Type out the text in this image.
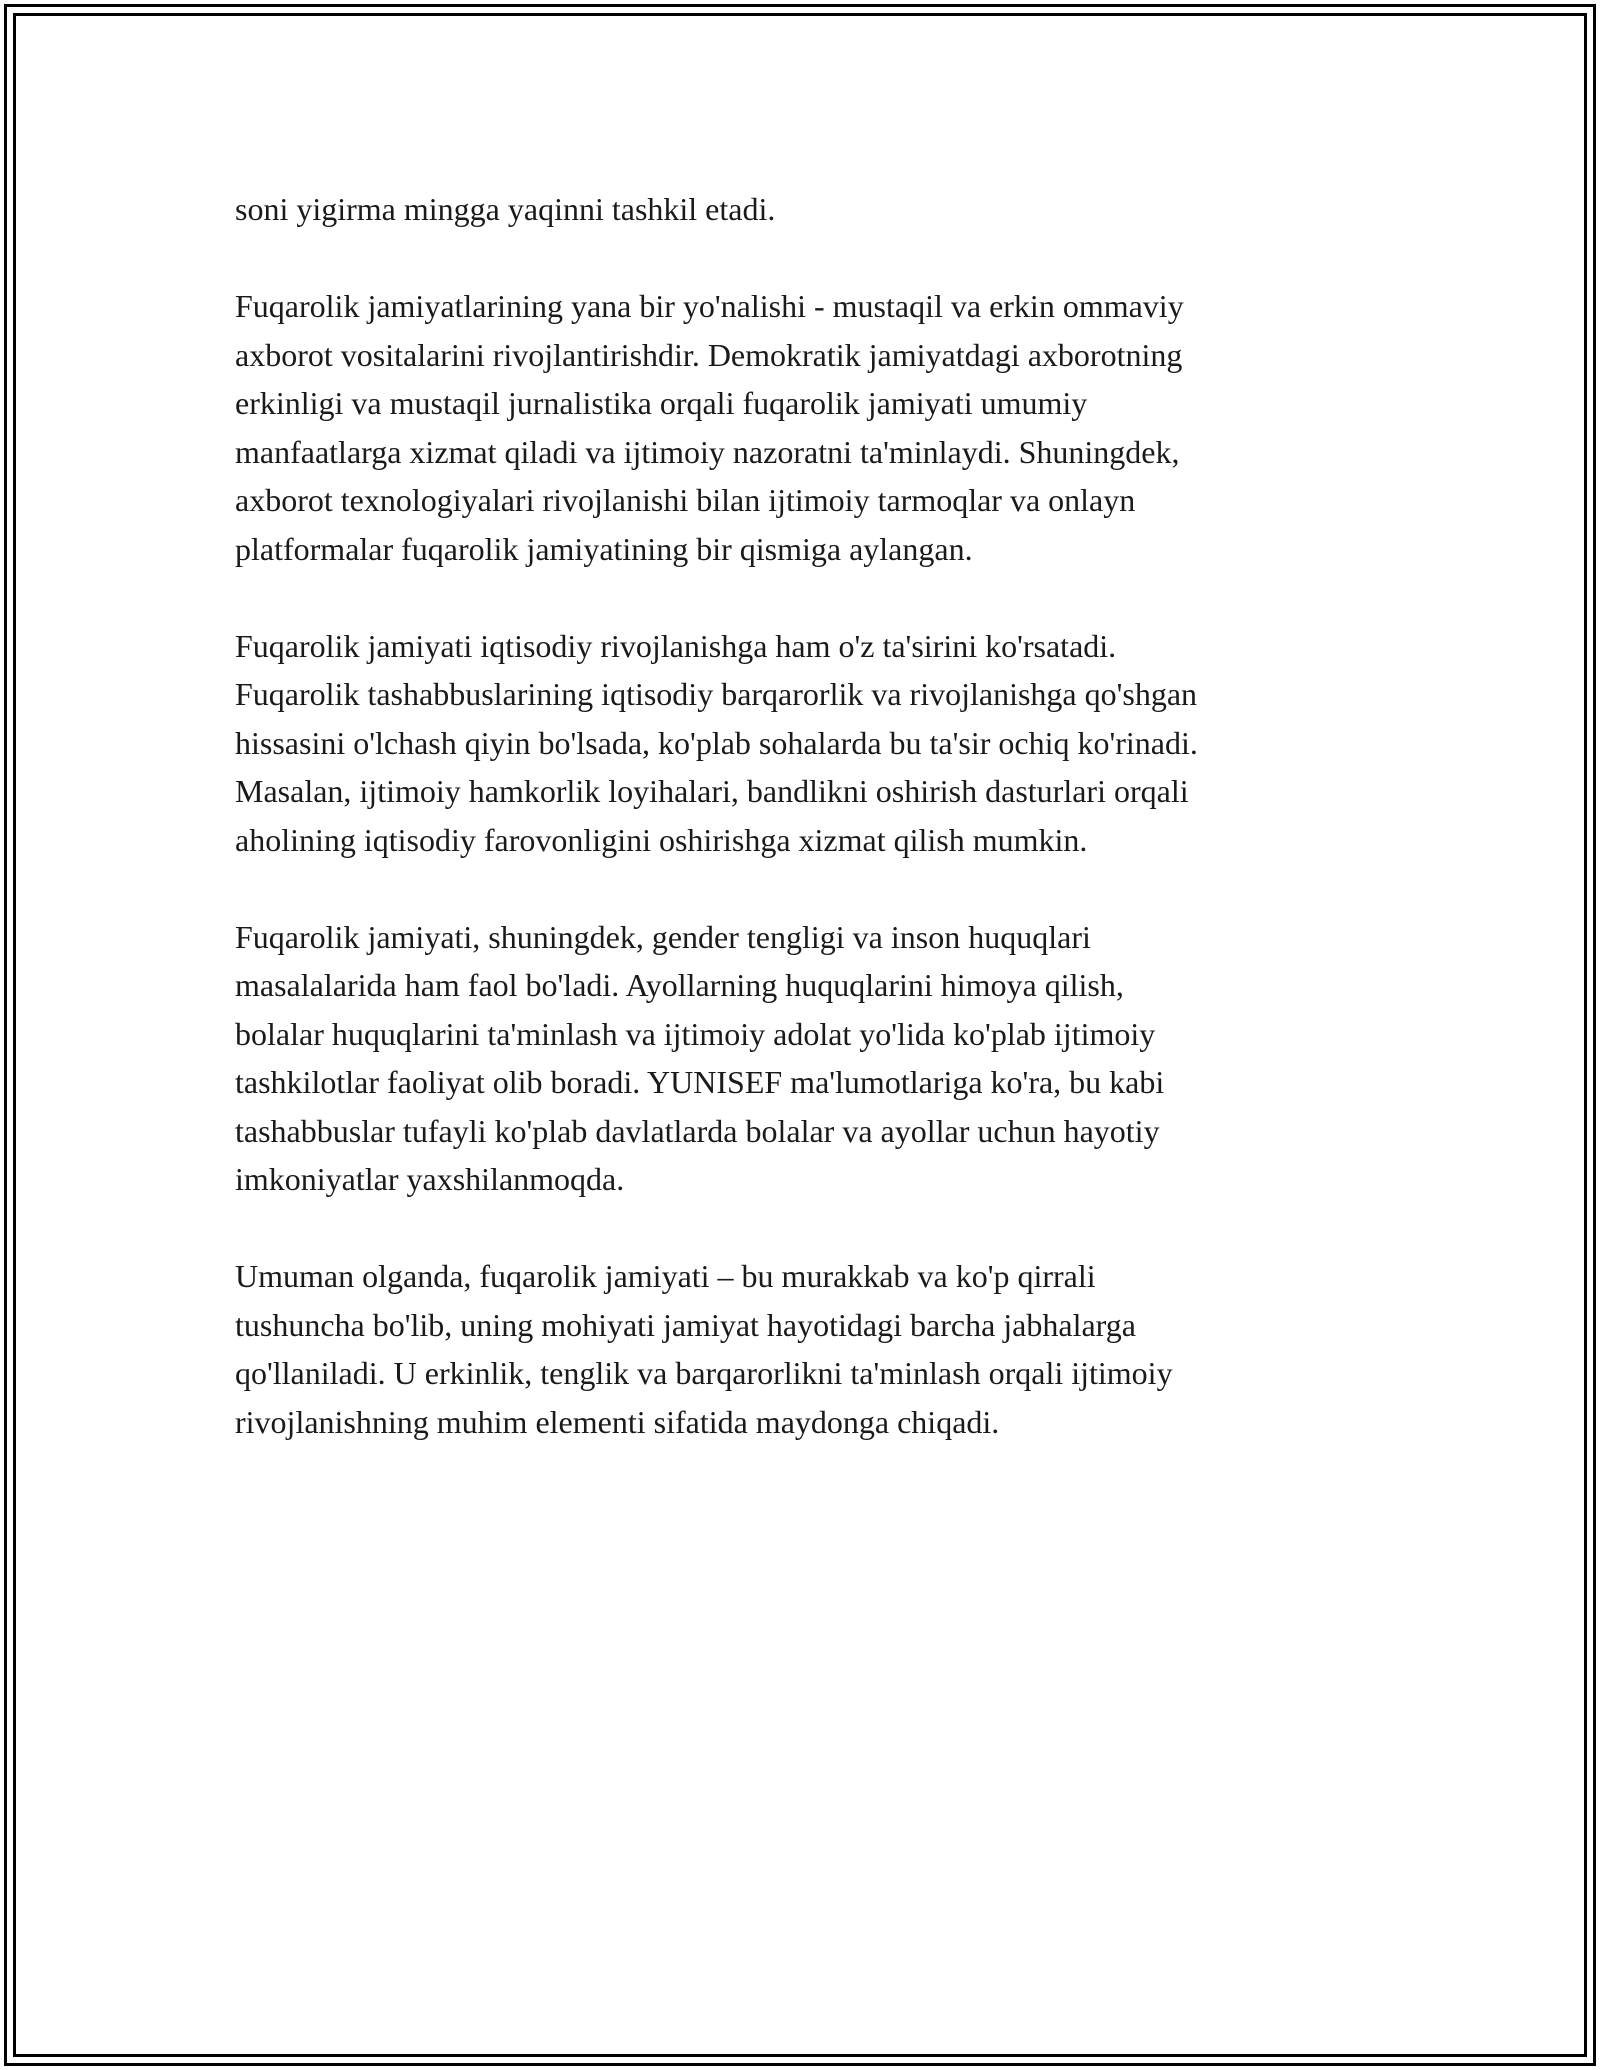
soni yigirma mingga yaqinni tashkil etadi.

Fuqarolik jamiyatlarining yana bir yo'nalishi - mustaqil va erkin ommaviy
axborot vositalarini rivojlantirishdir. Demokratik jamiyatdagi axborotning
erkinligi va mustaqil jurnalistika orqali fuqarolik jamiyati umumiy
manfaatlarga xizmat qiladi va ijtimoiy nazoratni ta'minlaydi. Shuningdek,
axborot texnologiyalari rivojlanishi bilan ijtimoiy tarmoqlar va onlayn
platformalar fuqarolik jamiyatining bir qismiga aylangan.

Fuqarolik jamiyati iqtisodiy rivojlanishga ham o'z ta'sirini ko'rsatadi.
Fuqarolik tashabbuslarining iqtisodiy barqarorlik va rivojlanishga qo'shgan
hissasini o'lchash qiyin bo'lsada, ko'plab sohalarda bu ta'sir ochiq ko'rinadi.
Masalan, ijtimoiy hamkorlik loyihalari, bandlikni oshirish dasturlari orqali
aholining iqtisodiy farovonligini oshirishga xizmat qilish mumkin.

Fuqarolik jamiyati, shuningdek, gender tengligi va inson huquqlari
masalalarida ham faol bo'ladi. Ayollarning huquqlarini himoya qilish,
bolalar huquqlarini ta'minlash va ijtimoiy adolat yo'lida ko'plab ijtimoiy
tashkilotlar faoliyat olib boradi. YUNISEF ma'lumotlariga ko'ra, bu kabi
tashabbuslar tufayli ko'plab davlatlarda bolalar va ayollar uchun hayotiy
imkoniyatlar yaxshilanmoqda.

Umuman olganda, fuqarolik jamiyati – bu murakkab va ko'p qirrali
tushuncha bo'lib, uning mohiyati jamiyat hayotidagi barcha jabhalarga
qo'llaniladi. U erkinlik, tenglik va barqarorlikni ta'minlash orqali ijtimoiy
rivojlanishning muhim elementi sifatida maydonga chiqadi.
